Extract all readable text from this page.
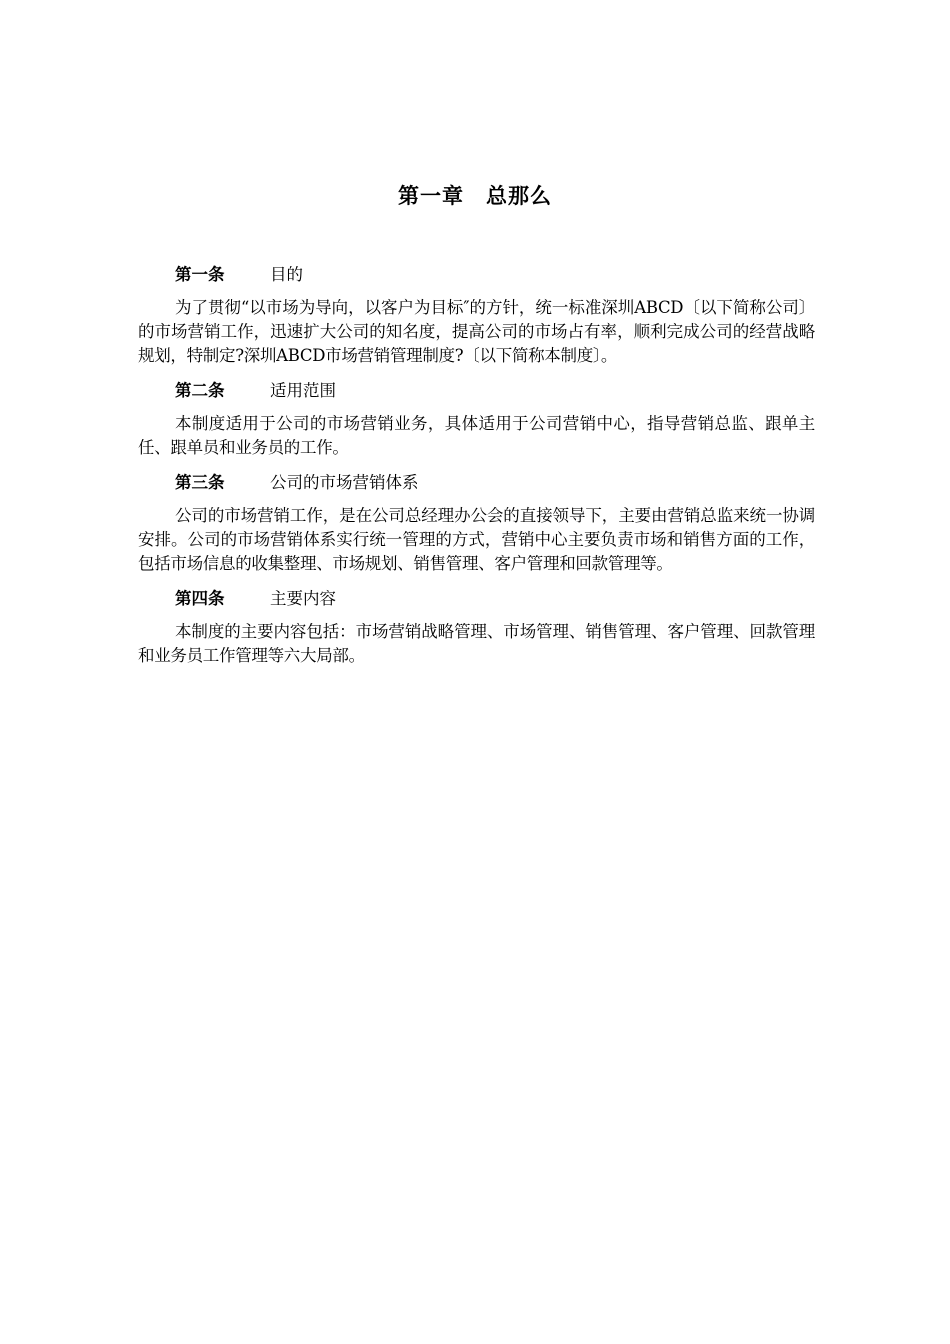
第一章　总那么
第一条	目的

为了贯彻“以市场为导向，以客户为目标″的方针，统一标准深圳ABCD〔以下简称公司〕的市场营销工作，迅速扩大公司的知名度，提高公司的市场占有率，顺利完成公司的经营战略规划，特制定?深圳ABCD市场营销管理制度?〔以下简称本制度〕。

第二条	适用范围

本制度适用于公司的市场营销业务，具体适用于公司营销中心，指导营销总监、跟单主任、跟单员和业务员的工作。

第三条	公司的市场营销体系

公司的市场营销工作，是在公司总经理办公会的直接领导下，主要由营销总监来统一协调安排。公司的市场营销体系实行统一管理的方式，营销中心主要负责市场和销售方面的工作，包括市场信息的收集整理、市场规划、销售管理、客户管理和回款管理等。

第四条	主要内容

本制度的主要内容包括：市场营销战略管理、市场管理、销售管理、客户管理、回款管理和业务员工作管理等六大局部。
